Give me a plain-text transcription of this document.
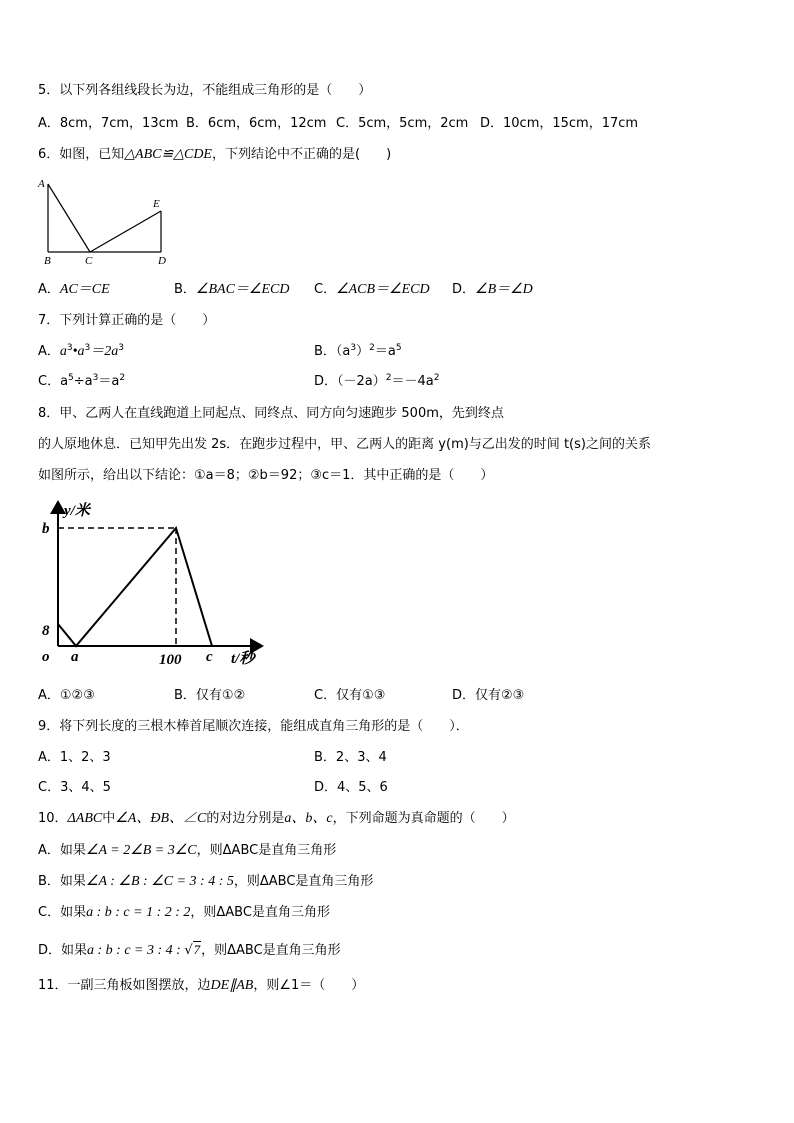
5．以下列各组线段长为边，不能组成三角形的是（　　）
A．8cm，7cm，13cm B．6cm，6cm，12cm C．5cm，5cm，2cm D．10cm，15cm，17cm
6．如图，已知△ABC≌△CDE，下列结论中不正确的是(　　)
A
B	C	D
E
A．AC＝CE	B．∠BAC＝∠ECD C．∠ACB＝∠ECD D．∠B＝∠D
7．下列计算正确的是（　　）
A．$a^3•a^3=2a^3$	B．$(a^3)^2=a^5$
C．$a^5\div a^3=a^2$	D．$(-2a)^2=-4a^2$
8．甲、乙两人在直线跑道上同起点、同终点、同方向匀速跑步 500m，先到终点
的人原地休息．已知甲先出发 2s．在跑步过程中，甲、乙两人的距离 y(m)与乙出发的时间 t(s)之间的关系
如图所示，给出以下结论：①a＝8；②b＝92；③c＝1．其中正确的是（　　）
y/米
b
8
o a	100 c t/秒
A．①②③	B．仅有①②	C．仅有①③	D．仅有②③
9．将下列长度的三根木棒首尾顺次连接，能组成直角三角形的是（　　）．
A．1、2、3	B．2、3、4
C．3、4、5	D．4、5、6
10．ΔABC中∠A、ÐB、∠C的对边分别是a、b、c，下列命题为真命题的（　　）
A．如果∠A = 2∠B = 3∠C，则ΔABC是直角三角形
B．如果∠A : ∠B : ∠C = 3 : 4 : 5，则ΔABC是直角三角形
C．如果a : b : c = 1 : 2 : 2，则ΔABC是直角三角形
D．如果a : b : c = 3 : 4 : √7，则ΔABC是直角三角形
11．一副三角板如图摆放，边DE∥AB，则∠1＝（　　）
